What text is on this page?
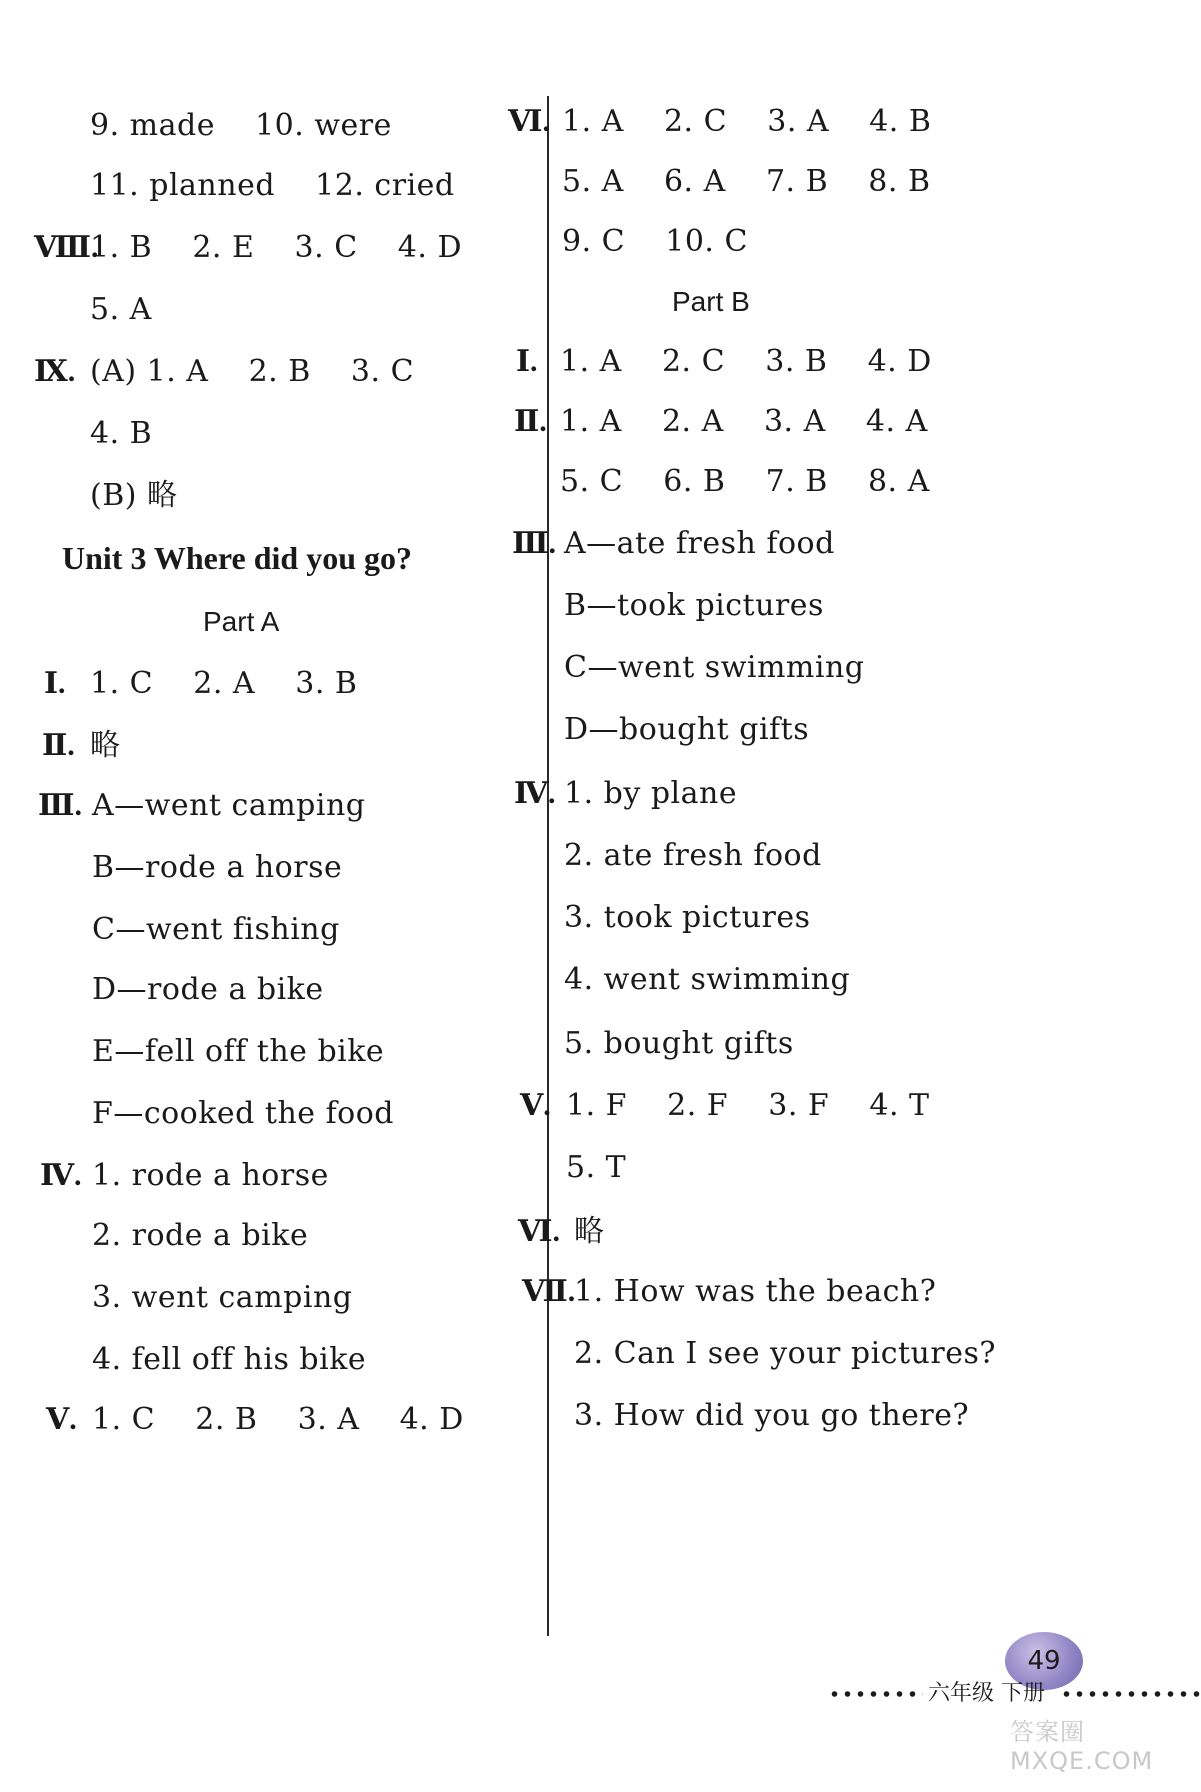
9. made    10. were
11. planned    12. cried
Ⅷ.
1. B    2. E    3. C    4. D
5. A
Ⅸ. (A) 1. A    2. B    3. C
4. B
(B) 略
Unit 3 Where did you go?
Part A
Ⅰ. 1. C    2. A    3. B
Ⅱ. 略
Ⅲ. A—went camping
B—rode a horse
C—went fishing
D—rode a bike
E—fell off the bike
F—cooked the food
Ⅳ. 1. rode a horse
2. rode a bike
3. went camping
4. fell off his bike
Ⅴ. 1. C    2. B    3. A    4. D
Ⅵ. 1. A    2. C    3. A    4. B
5. A    6. A    7. B    8. B
9. C    10. C
Part B
Ⅰ. 1. A    2. C    3. B    4. D
Ⅱ. 1. A    2. A    3. A    4. A
5. C    6. B    7. B    8. A
Ⅲ. A—ate fresh food
B—took pictures
C—went swimming
D—bought gifts
Ⅳ. 1. by plane
2. ate fresh food
3. took pictures
4. went swimming
5. bought gifts
Ⅴ. 1. F    2. F    3. F    4. T
5. T
Ⅵ. 略
Ⅶ.
1. How was the beach?
2. Can I see your pictures?
3. How did you go there?
49
六年级 下册
答案圈 MXQE.COM
